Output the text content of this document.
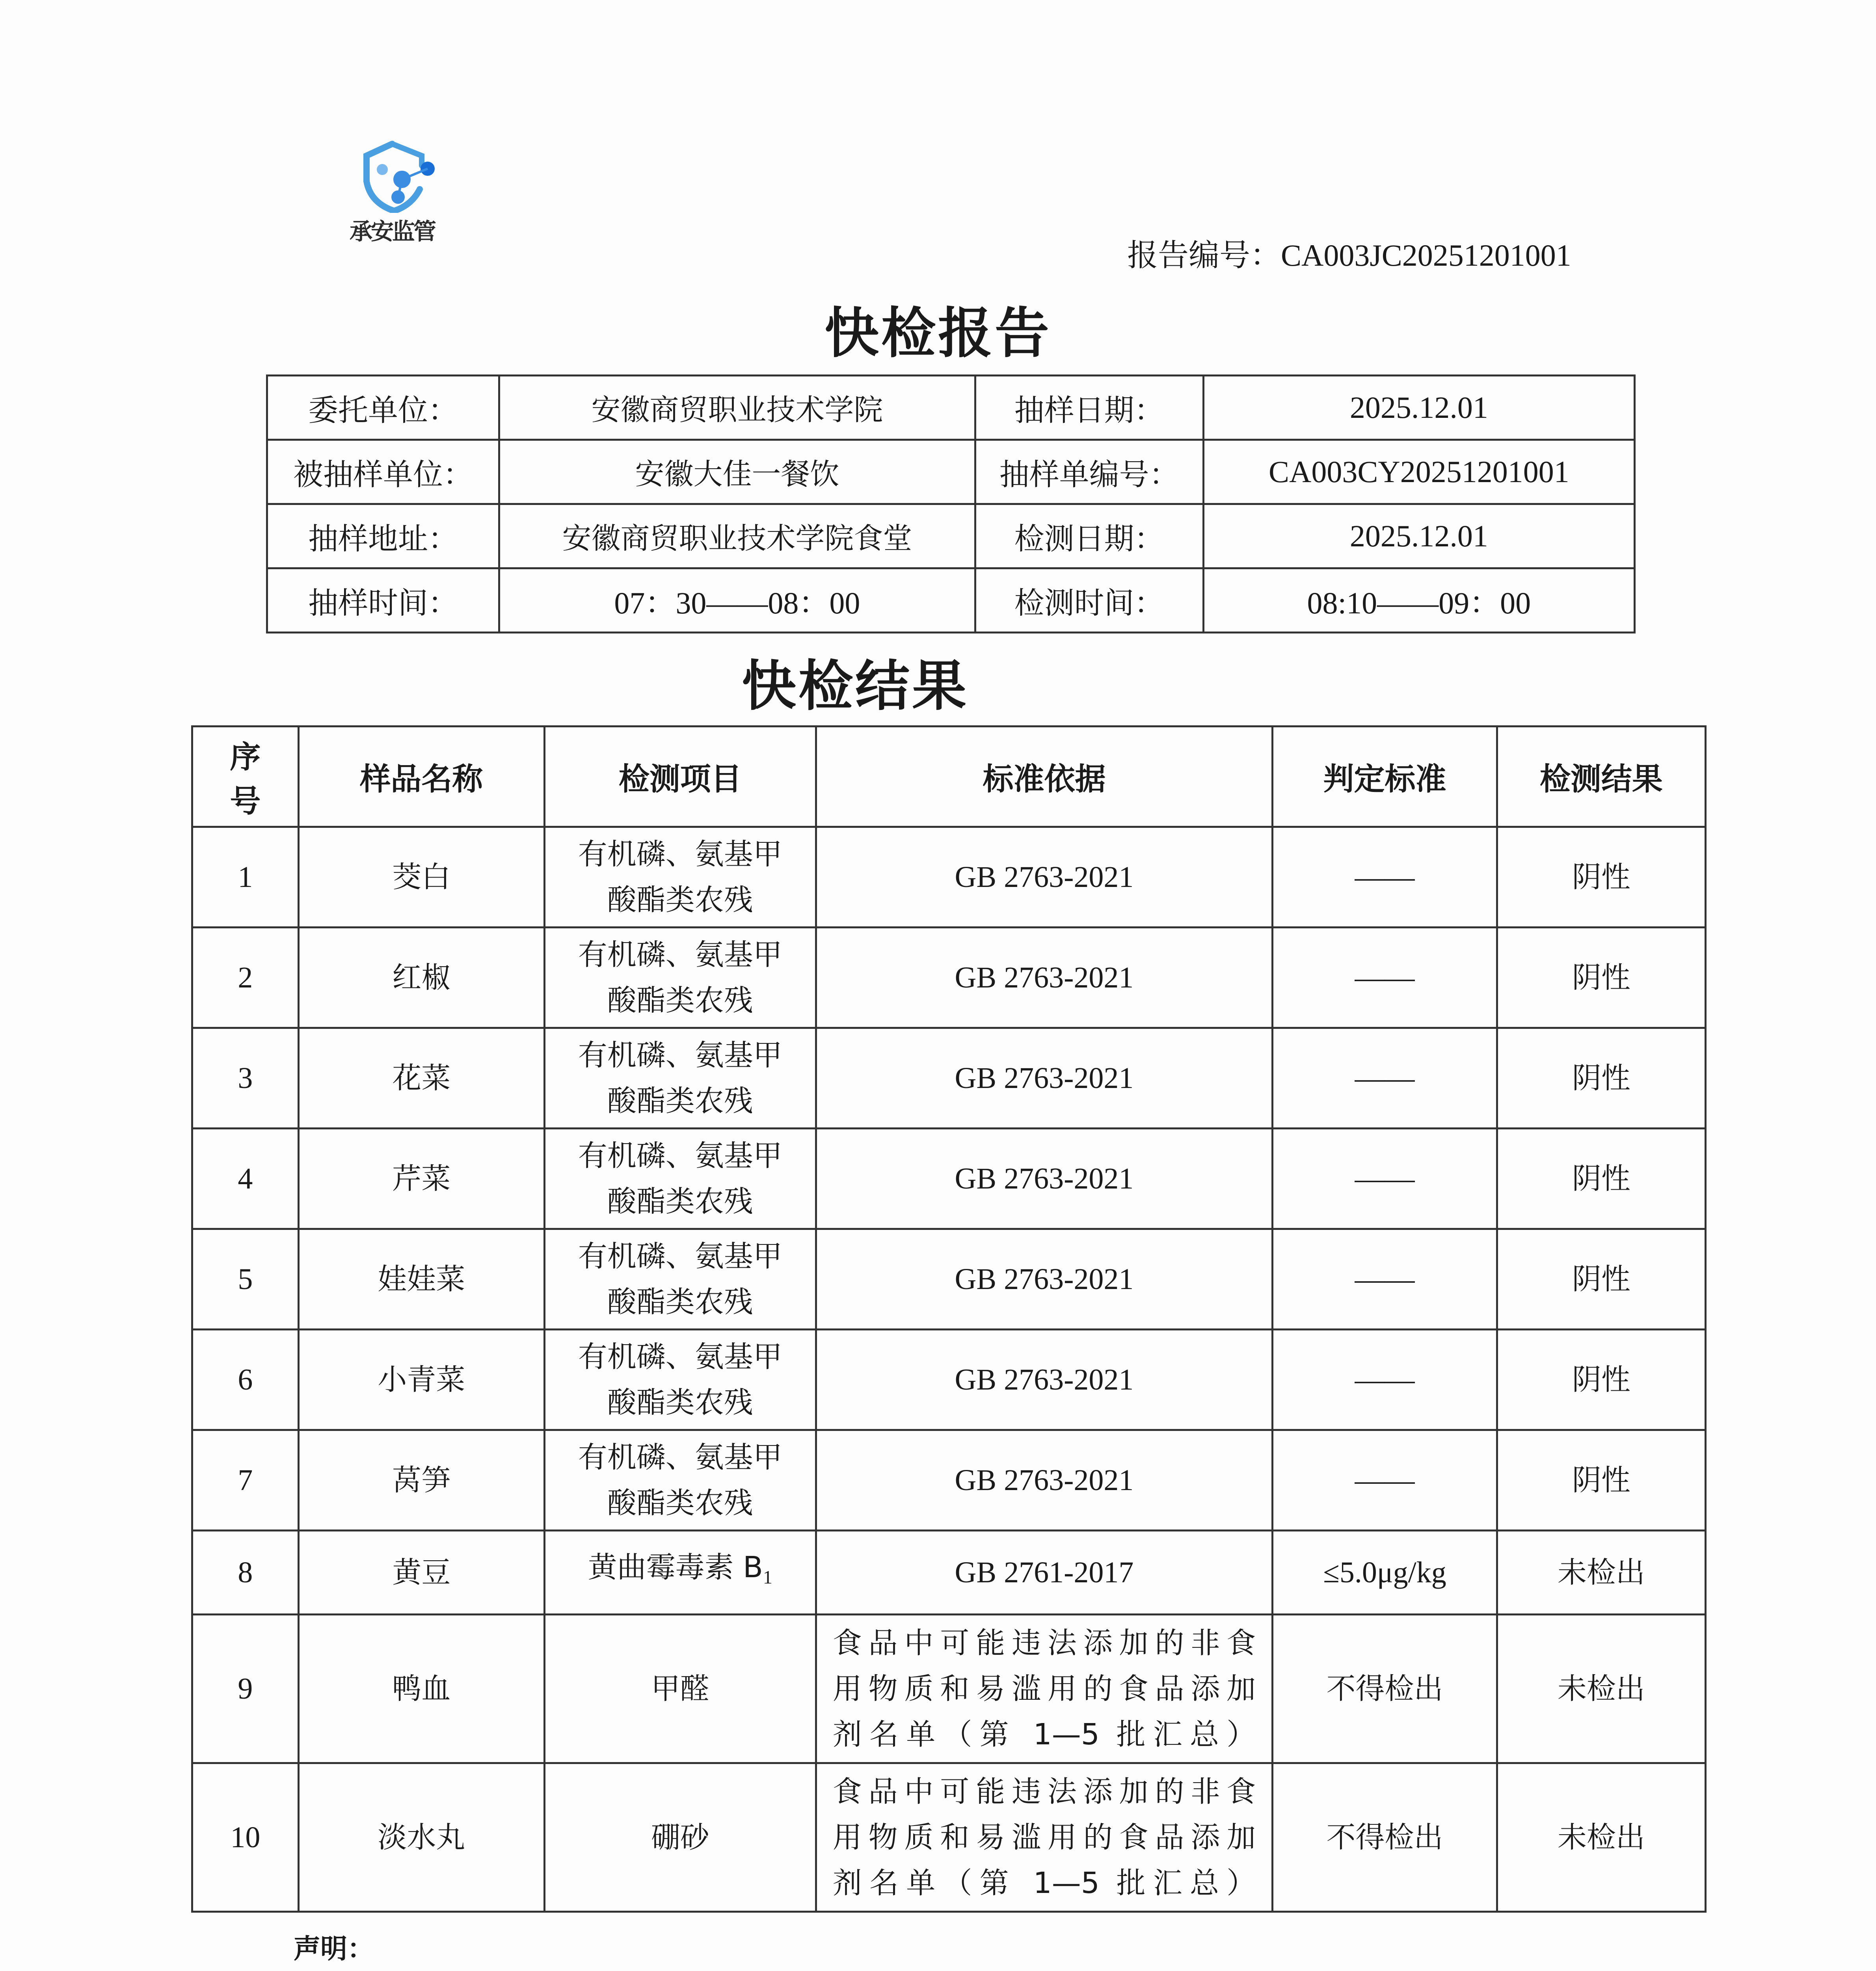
承安监管
报告编号：CA003JC20251201001
快检报告
委托单位：	安徽商贸职业技术学院	抽样日期：	2025.12.01
被抽样单位：	安徽大佳一餐饮	抽样单编号：	CA003CY20251201001
抽样地址：	安徽商贸职业技术学院食堂	检测日期：	2025.12.01
抽样时间：	07：30——08：00	检测时间：	08:10——09：00
快检结果
序
号	样品名称	检测项目	标准依据	判定标准	检测结果
1	茭白	有机磷、氨基甲
酸酯类农残	GB 2763-2021	——	阴性
2	红椒	有机磷、氨基甲
酸酯类农残	GB 2763-2021	——	阴性
3	花菜	有机磷、氨基甲
酸酯类农残	GB 2763-2021	——	阴性
4	芹菜	有机磷、氨基甲
酸酯类农残	GB 2763-2021	——	阴性
5	娃娃菜	有机磷、氨基甲
酸酯类农残	GB 2763-2021	——	阴性
6	小青菜	有机磷、氨基甲
酸酯类农残	GB 2763-2021	——	阴性
7	莴笋	有机磷、氨基甲
酸酯类农残	GB 2763-2021	——	阴性
8	黄豆	黄曲霉毒素 $B_1$	GB 2761-2017	≤5.0μg/kg	未检出
9	鸭血	甲醛	食品中可能违法添加的非食
用物质和易滥用的食品添加
剂名单（第 1—5 批汇总）	不得检出	未检出
10	淡水丸	硼砂	食品中可能违法添加的非食
用物质和易滥用的食品添加
剂名单（第 1—5 批汇总）	不得检出	未检出
声明：
